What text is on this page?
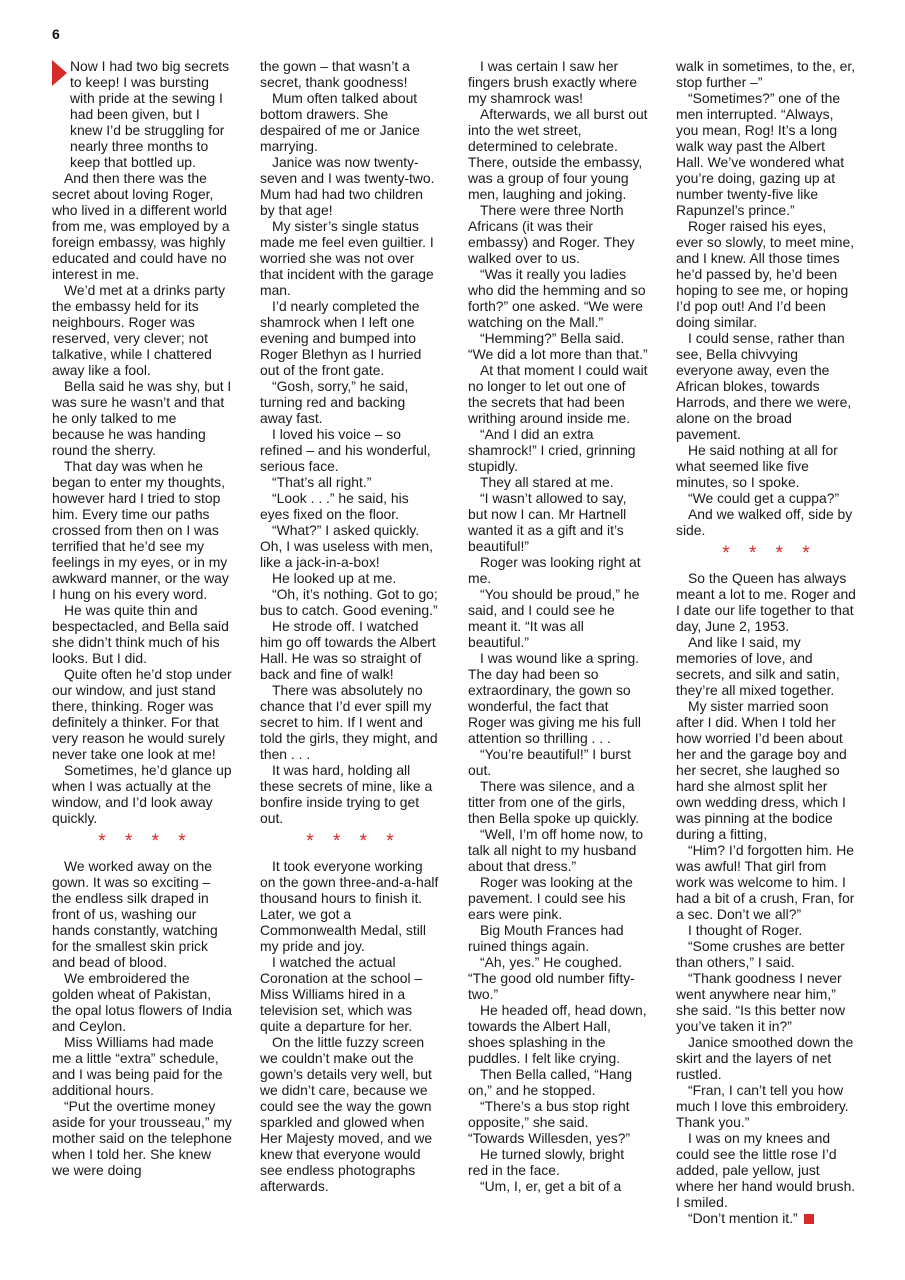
6

Now I had two big secrets to keep! I was bursting with pride at the sewing I had been given, but I knew I’d be struggling for nearly three months to keep that bottled up.

And then there was the secret about loving Roger, who lived in a different world from me, was employed by a foreign embassy, was highly educated and could have no interest in me.

We’d met at a drinks party the embassy held for its neighbours. Roger was reserved, very clever; not talkative, while I chattered away like a fool.

Bella said he was shy, but I was sure he wasn’t and that he only talked to me because he was handing round the sherry.

That day was when he began to enter my thoughts, however hard I tried to stop him. Every time our paths crossed from then on I was terrified that he’d see my feelings in my eyes, or in my awkward manner, or the way I hung on his every word.

He was quite thin and bespectacled, and Bella said she didn’t think much of his looks. But I did.

Quite often he’d stop under our window, and just stand there, thinking. Roger was definitely a thinker. For that very reason he would surely never take one look at me!

Sometimes, he’d glance up when I was actually at the window, and I’d look away quickly.

* * * *

We worked away on the gown. It was so exciting – the endless silk draped in front of us, washing our hands constantly, watching for the smallest skin prick and bead of blood.

We embroidered the golden wheat of Pakistan, the opal lotus flowers of India and Ceylon.

Miss Williams had made me a little “extra” schedule, and I was being paid for the additional hours.

“Put the overtime money aside for your trousseau,” my mother said on the telephone when I told her. She knew we were doing

the gown – that wasn’t a secret, thank goodness!

Mum often talked about bottom drawers. She despaired of me or Janice marrying.

Janice was now twenty-seven and I was twenty-two. Mum had had two children by that age!

My sister’s single status made me feel even guiltier. I worried she was not over that incident with the garage man.

I’d nearly completed the shamrock when I left one evening and bumped into Roger Blethyn as I hurried out of the front gate.

“Gosh, sorry,” he said, turning red and backing away fast.

I loved his voice – so refined – and his wonderful, serious face.

“That’s all right.”

“Look . . .” he said, his eyes fixed on the floor.

“What?” I asked quickly. Oh, I was useless with men, like a jack-in-a-box!

He looked up at me.

“Oh, it’s nothing. Got to go; bus to catch. Good evening.”

He strode off. I watched him go off towards the Albert Hall. He was so straight of back and fine of walk!

There was absolutely no chance that I’d ever spill my secret to him. If I went and told the girls, they might, and then . . .

It was hard, holding all these secrets of mine, like a bonfire inside trying to get out.

* * * *

It took everyone working on the gown three-and-a-half thousand hours to finish it. Later, we got a Commonwealth Medal, still my pride and joy.

I watched the actual Coronation at the school – Miss Williams hired in a television set, which was quite a departure for her.

On the little fuzzy screen we couldn’t make out the gown’s details very well, but we didn’t care, because we could see the way the gown sparkled and glowed when Her Majesty moved, and we knew that everyone would see endless photographs afterwards.

I was certain I saw her fingers brush exactly where my shamrock was!

Afterwards, we all burst out into the wet street, determined to celebrate. There, outside the embassy, was a group of four young men, laughing and joking.

There were three North Africans (it was their embassy) and Roger. They walked over to us.

“Was it really you ladies who did the hemming and so forth?” one asked. “We were watching on the Mall.”

“Hemming?” Bella said. “We did a lot more than that.”

At that moment I could wait no longer to let out one of the secrets that had been writhing around inside me.

“And I did an extra shamrock!” I cried, grinning stupidly.

They all stared at me.

“I wasn’t allowed to say, but now I can. Mr Hartnell wanted it as a gift and it’s beautiful!”

Roger was looking right at me.

“You should be proud,” he said, and I could see he meant it. “It was all beautiful.”

I was wound like a spring. The day had been so extraordinary, the gown so wonderful, the fact that Roger was giving me his full attention so thrilling . . .

“You’re beautiful!” I burst out.

There was silence, and a titter from one of the girls, then Bella spoke up quickly.

“Well, I’m off home now, to talk all night to my husband about that dress.”

Roger was looking at the pavement. I could see his ears were pink.

Big Mouth Frances had ruined things again.

“Ah, yes.” He coughed. “The good old number fifty-two.”

He headed off, head down, towards the Albert Hall, shoes splashing in the puddles. I felt like crying.

Then Bella called, “Hang on,” and he stopped.

“There’s a bus stop right opposite,” she said. “Towards Willesden, yes?”

He turned slowly, bright red in the face.

“Um, I, er, get a bit of a

walk in sometimes, to the, er, stop further –”

“Sometimes?” one of the men interrupted. “Always, you mean, Rog! It’s a long walk way past the Albert Hall. We’ve wondered what you’re doing, gazing up at number twenty-five like Rapunzel’s prince.”

Roger raised his eyes, ever so slowly, to meet mine, and I knew. All those times he’d passed by, he’d been hoping to see me, or hoping I’d pop out! And I’d been doing similar.

I could sense, rather than see, Bella chivvying everyone away, even the African blokes, towards Harrods, and there we were, alone on the broad pavement.

He said nothing at all for what seemed like five minutes, so I spoke.

“We could get a cuppa?”

And we walked off, side by side.

* * * *

So the Queen has always meant a lot to me. Roger and I date our life together to that day, June 2, 1953.

And like I said, my memories of love, and secrets, and silk and satin, they’re all mixed together.

My sister married soon after I did. When I told her how worried I’d been about her and the garage boy and her secret, she laughed so hard she almost split her own wedding dress, which I was pinning at the bodice during a fitting,

“Him? I’d forgotten him. He was awful! That girl from work was welcome to him. I had a bit of a crush, Fran, for a sec. Don’t we all?”

I thought of Roger.

“Some crushes are better than others,” I said.

“Thank goodness I never went anywhere near him,” she said. “Is this better now you’ve taken it in?”

Janice smoothed down the skirt and the layers of net rustled.

“Fran, I can’t tell you how much I love this embroidery. Thank you.”

I was on my knees and could see the little rose I’d added, pale yellow, just where her hand would brush. I smiled.

“Don’t mention it.”
